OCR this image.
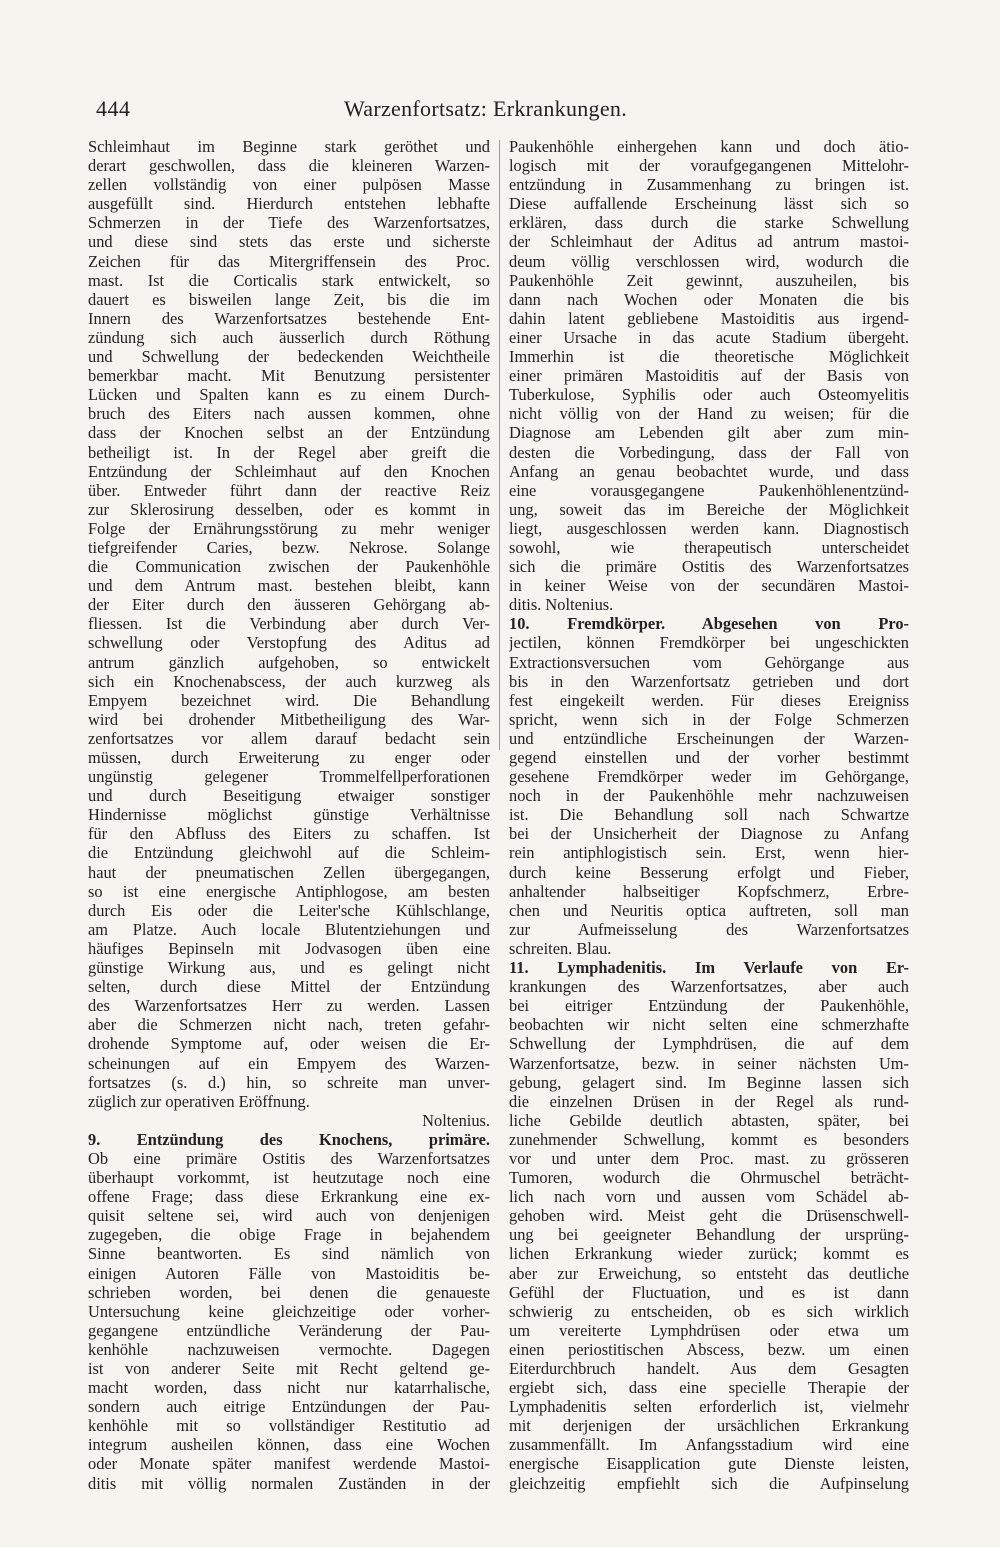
444	Warzenfortsatz: Erkrankungen.
Schleimhaut im Beginne stark geröthet und
derart geschwollen, dass die kleineren Warzen-
zellen vollständig von einer pulpösen Masse
ausgefüllt sind. Hierdurch entstehen lebhafte
Schmerzen in der Tiefe des Warzenfortsatzes,
und diese sind stets das erste und sicherste
Zeichen für das Mitergriffensein des Proc.
mast. Ist die Corticalis stark entwickelt, so
dauert es bisweilen lange Zeit, bis die im
Innern des Warzenfortsatzes bestehende Ent-
zündung sich auch äusserlich durch Röthung
und Schwellung der bedeckenden Weichtheile
bemerkbar macht. Mit Benutzung persistenter
Lücken und Spalten kann es zu einem Durch-
bruch des Eiters nach aussen kommen, ohne
dass der Knochen selbst an der Entzündung
betheiligt ist. In der Regel aber greift die
Entzündung der Schleimhaut auf den Knochen
über. Entweder führt dann der reactive Reiz
zur Sklerosirung desselben, oder es kommt in
Folge der Ernährungsstörung zu mehr weniger
tiefgreifender Caries, bezw. Nekrose. Solange
die Communication zwischen der Paukenhöhle
und dem Antrum mast. bestehen bleibt, kann
der Eiter durch den äusseren Gehörgang ab-
fliessen. Ist die Verbindung aber durch Ver-
schwellung oder Verstopfung des Aditus ad
antrum gänzlich aufgehoben, so entwickelt
sich ein Knochenabscess, der auch kurzweg als
Empyem bezeichnet wird. Die Behandlung
wird bei drohender Mitbetheiligung des War-
zenfortsatzes vor allem darauf bedacht sein
müssen, durch Erweiterung zu enger oder
ungünstig gelegener Trommelfellperforationen
und durch Beseitigung etwaiger sonstiger
Hindernisse möglichst günstige Verhältnisse
für den Abfluss des Eiters zu schaffen. Ist
die Entzündung gleichwohl auf die Schleim-
haut der pneumatischen Zellen übergegangen,
so ist eine energische Antiphlogose, am besten
durch Eis oder die Leiter'sche Kühlschlange,
am Platze. Auch locale Blutentziehungen und
häufiges Bepinseln mit Jodvasogen üben eine
günstige Wirkung aus, und es gelingt nicht
selten, durch diese Mittel der Entzündung
des Warzenfortsatzes Herr zu werden. Lassen
aber die Schmerzen nicht nach, treten gefahr-
drohende Symptome auf, oder weisen die Er-
scheinungen auf ein Empyem des Warzen-
fortsatzes (s. d.) hin, so schreite man unver-
züglich zur operativen Eröffnung.
Noltenius.
9. Entzündung des Knochens, primäre.
Ob eine primäre Ostitis des Warzenfortsatzes
überhaupt vorkommt, ist heutzutage noch eine
offene Frage; dass diese Erkrankung eine ex-
quisit seltene sei, wird auch von denjenigen
zugegeben, die obige Frage in bejahendem
Sinne beantworten. Es sind nämlich von
einigen Autoren Fälle von Mastoiditis be-
schrieben worden, bei denen die genaueste
Untersuchung keine gleichzeitige oder vorher-
gegangene entzündliche Veränderung der Pau-
kenhöhle nachzuweisen vermochte. Dagegen
ist von anderer Seite mit Recht geltend ge-
macht worden, dass nicht nur katarrhalische,
sondern auch eitrige Entzündungen der Pau-
kenhöhle mit so vollständiger Restitutio ad
integrum ausheilen können, dass eine Wochen
oder Monate später manifest werdende Mastoi-
ditis mit völlig normalen Zuständen in der
Paukenhöhle einhergehen kann und doch ätio-
logisch mit der voraufgegangenen Mittelohr-
entzündung in Zusammenhang zu bringen ist.
Diese auffallende Erscheinung lässt sich so
erklären, dass durch die starke Schwellung
der Schleimhaut der Aditus ad antrum mastoi-
deum völlig verschlossen wird, wodurch die
Paukenhöhle Zeit gewinnt, auszuheilen, bis
dann nach Wochen oder Monaten die bis
dahin latent gebliebene Mastoiditis aus irgend-
einer Ursache in das acute Stadium übergeht.
Immerhin ist die theoretische Möglichkeit
einer primären Mastoiditis auf der Basis von
Tuberkulose, Syphilis oder auch Osteomyelitis
nicht völlig von der Hand zu weisen; für die
Diagnose am Lebenden gilt aber zum min-
desten die Vorbedingung, dass der Fall von
Anfang an genau beobachtet wurde, und dass
eine vorausgegangene Paukenhöhlenentzünd-
ung, soweit das im Bereiche der Möglichkeit
liegt, ausgeschlossen werden kann. Diagnostisch
sowohl, wie therapeutisch unterscheidet
sich die primäre Ostitis des Warzenfortsatzes
in keiner Weise von der secundären Mastoi-
ditis. Noltenius.
10. Fremdkörper. Abgesehen von Pro-
jectilen, können Fremdkörper bei ungeschickten
Extractionsversuchen vom Gehörgange aus
bis in den Warzenfortsatz getrieben und dort
fest eingekeilt werden. Für dieses Ereigniss
spricht, wenn sich in der Folge Schmerzen
und entzündliche Erscheinungen der Warzen-
gegend einstellen und der vorher bestimmt
gesehene Fremdkörper weder im Gehörgange,
noch in der Paukenhöhle mehr nachzuweisen
ist. Die Behandlung soll nach Schwartze
bei der Unsicherheit der Diagnose zu Anfang
rein antiphlogistisch sein. Erst, wenn hier-
durch keine Besserung erfolgt und Fieber,
anhaltender halbseitiger Kopfschmerz, Erbre-
chen und Neuritis optica auftreten, soll man
zur Aufmeisselung des Warzenfortsatzes
schreiten. Blau.
11. Lymphadenitis. Im Verlaufe von Er-
krankungen des Warzenfortsatzes, aber auch
bei eitriger Entzündung der Paukenhöhle,
beobachten wir nicht selten eine schmerzhafte
Schwellung der Lymphdrüsen, die auf dem
Warzenfortsatze, bezw. in seiner nächsten Um-
gebung, gelagert sind. Im Beginne lassen sich
die einzelnen Drüsen in der Regel als rund-
liche Gebilde deutlich abtasten, später, bei
zunehmender Schwellung, kommt es besonders
vor und unter dem Proc. mast. zu grösseren
Tumoren, wodurch die Ohrmuschel beträcht-
lich nach vorn und aussen vom Schädel ab-
gehoben wird. Meist geht die Drüsenschwell-
ung bei geeigneter Behandlung der ursprüng-
lichen Erkrankung wieder zurück; kommt es
aber zur Erweichung, so entsteht das deutliche
Gefühl der Fluctuation, und es ist dann
schwierig zu entscheiden, ob es sich wirklich
um vereiterte Lymphdrüsen oder etwa um
einen periostitischen Abscess, bezw. um einen
Eiterdurchbruch handelt. Aus dem Gesagten
ergiebt sich, dass eine specielle Therapie der
Lymphadenitis selten erforderlich ist, vielmehr
mit derjenigen der ursächlichen Erkrankung
zusammenfällt. Im Anfangsstadium wird eine
energische Eisapplication gute Dienste leisten,
gleichzeitig empfiehlt sich die Aufpinselung
